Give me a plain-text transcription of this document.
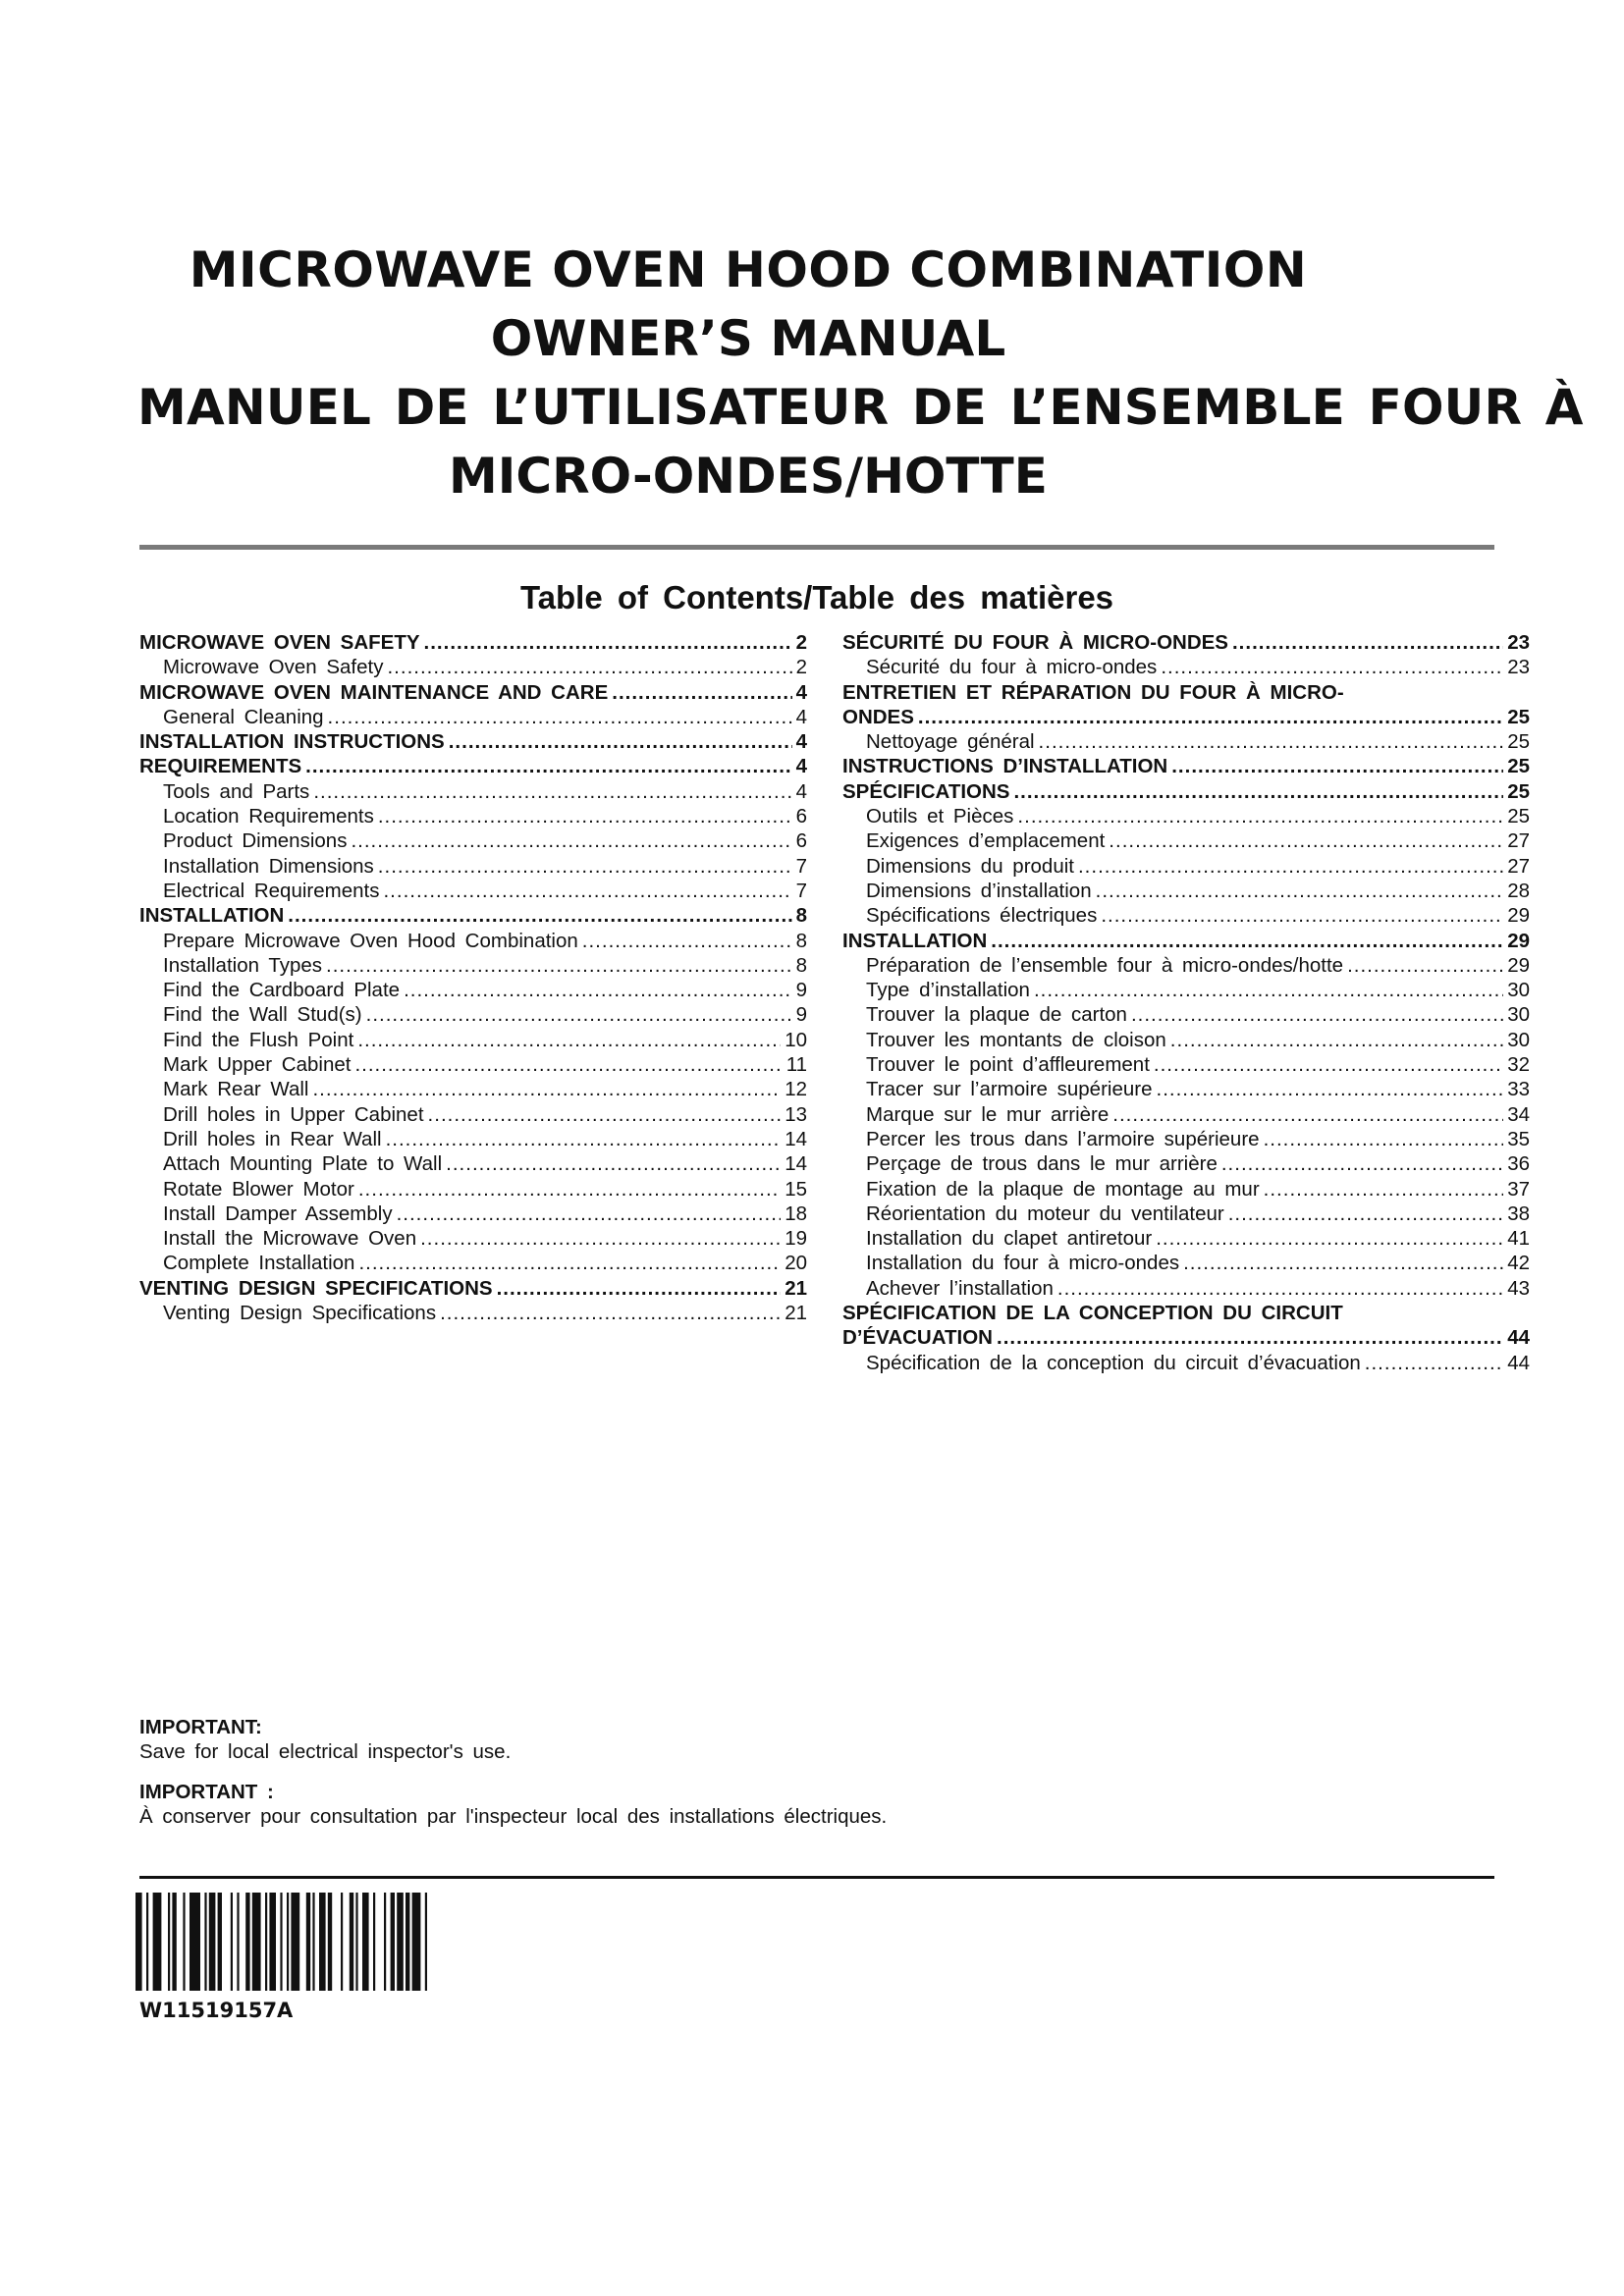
MICROWAVE OVEN HOOD COMBINATION
OWNER’S MANUAL
MANUEL DE L’UTILISATEUR DE L’ENSEMBLE FOUR À
MICRO-ONDES/HOTTE
Table of Contents/Table des matières
MICROWAVE OVEN SAFETY .....	2
Microwave Oven Safety .....	2
MICROWAVE OVEN MAINTENANCE AND CARE .....	4
General Cleaning .....	4
INSTALLATION INSTRUCTIONS .....	4
REQUIREMENTS .....	4
Tools and Parts .....	4
Location Requirements .....	6
Product Dimensions .....	6
Installation Dimensions .....	7
Electrical Requirements .....	7
INSTALLATION .....	8
Prepare Microwave Oven Hood Combination .....	8
Installation Types .....	8
Find the Cardboard Plate .....	9
Find the Wall Stud(s) .....	9
Find the Flush Point .....	10
Mark Upper Cabinet .....	11
Mark Rear Wall .....	12
Drill holes in Upper Cabinet .....	13
Drill holes in Rear Wall .....	14
Attach Mounting Plate to Wall .....	14
Rotate Blower Motor .....	15
Install Damper Assembly .....	18
Install the Microwave Oven .....	19
Complete Installation .....	20
VENTING DESIGN SPECIFICATIONS .....	21
Venting Design Specifications .....	21
SÉCURITÉ DU FOUR À MICRO-ONDES .....	23
Sécurité du four à micro-ondes .....	23
ENTRETIEN ET RÉPARATION DU FOUR À MICRO-
ONDES .....	25
Nettoyage général .....	25
INSTRUCTIONS D’INSTALLATION .....	25
SPÉCIFICATIONS .....	25
Outils et Pièces .....	25
Exigences d’emplacement .....	27
Dimensions du produit .....	27
Dimensions d’installation .....	28
Spécifications électriques .....	29
INSTALLATION .....	29
Préparation de l’ensemble four à micro-ondes/hotte .....	29
Type d’installation .....	30
Trouver la plaque de carton .....	30
Trouver les montants de cloison .....	30
Trouver le point d’affleurement .....	32
Tracer sur l’armoire supérieure .....	33
Marque sur le mur arrière .....	34
Percer les trous dans l’armoire supérieure .....	35
Perçage de trous dans le mur arrière .....	36
Fixation de la plaque de montage au mur .....	37
Réorientation du moteur du ventilateur .....	38
Installation du clapet antiretour .....	41
Installation du four à micro-ondes .....	42
Achever l’installation .....	43
SPÉCIFICATION DE LA CONCEPTION DU CIRCUIT
D’ÉVACUATION .....	44
Spécification de la conception du circuit d’évacuation .....	44
IMPORTANT:
Save for local electrical inspector's use.
IMPORTANT :
À conserver pour consultation par l'inspecteur local des installations électriques.
W11519157A
